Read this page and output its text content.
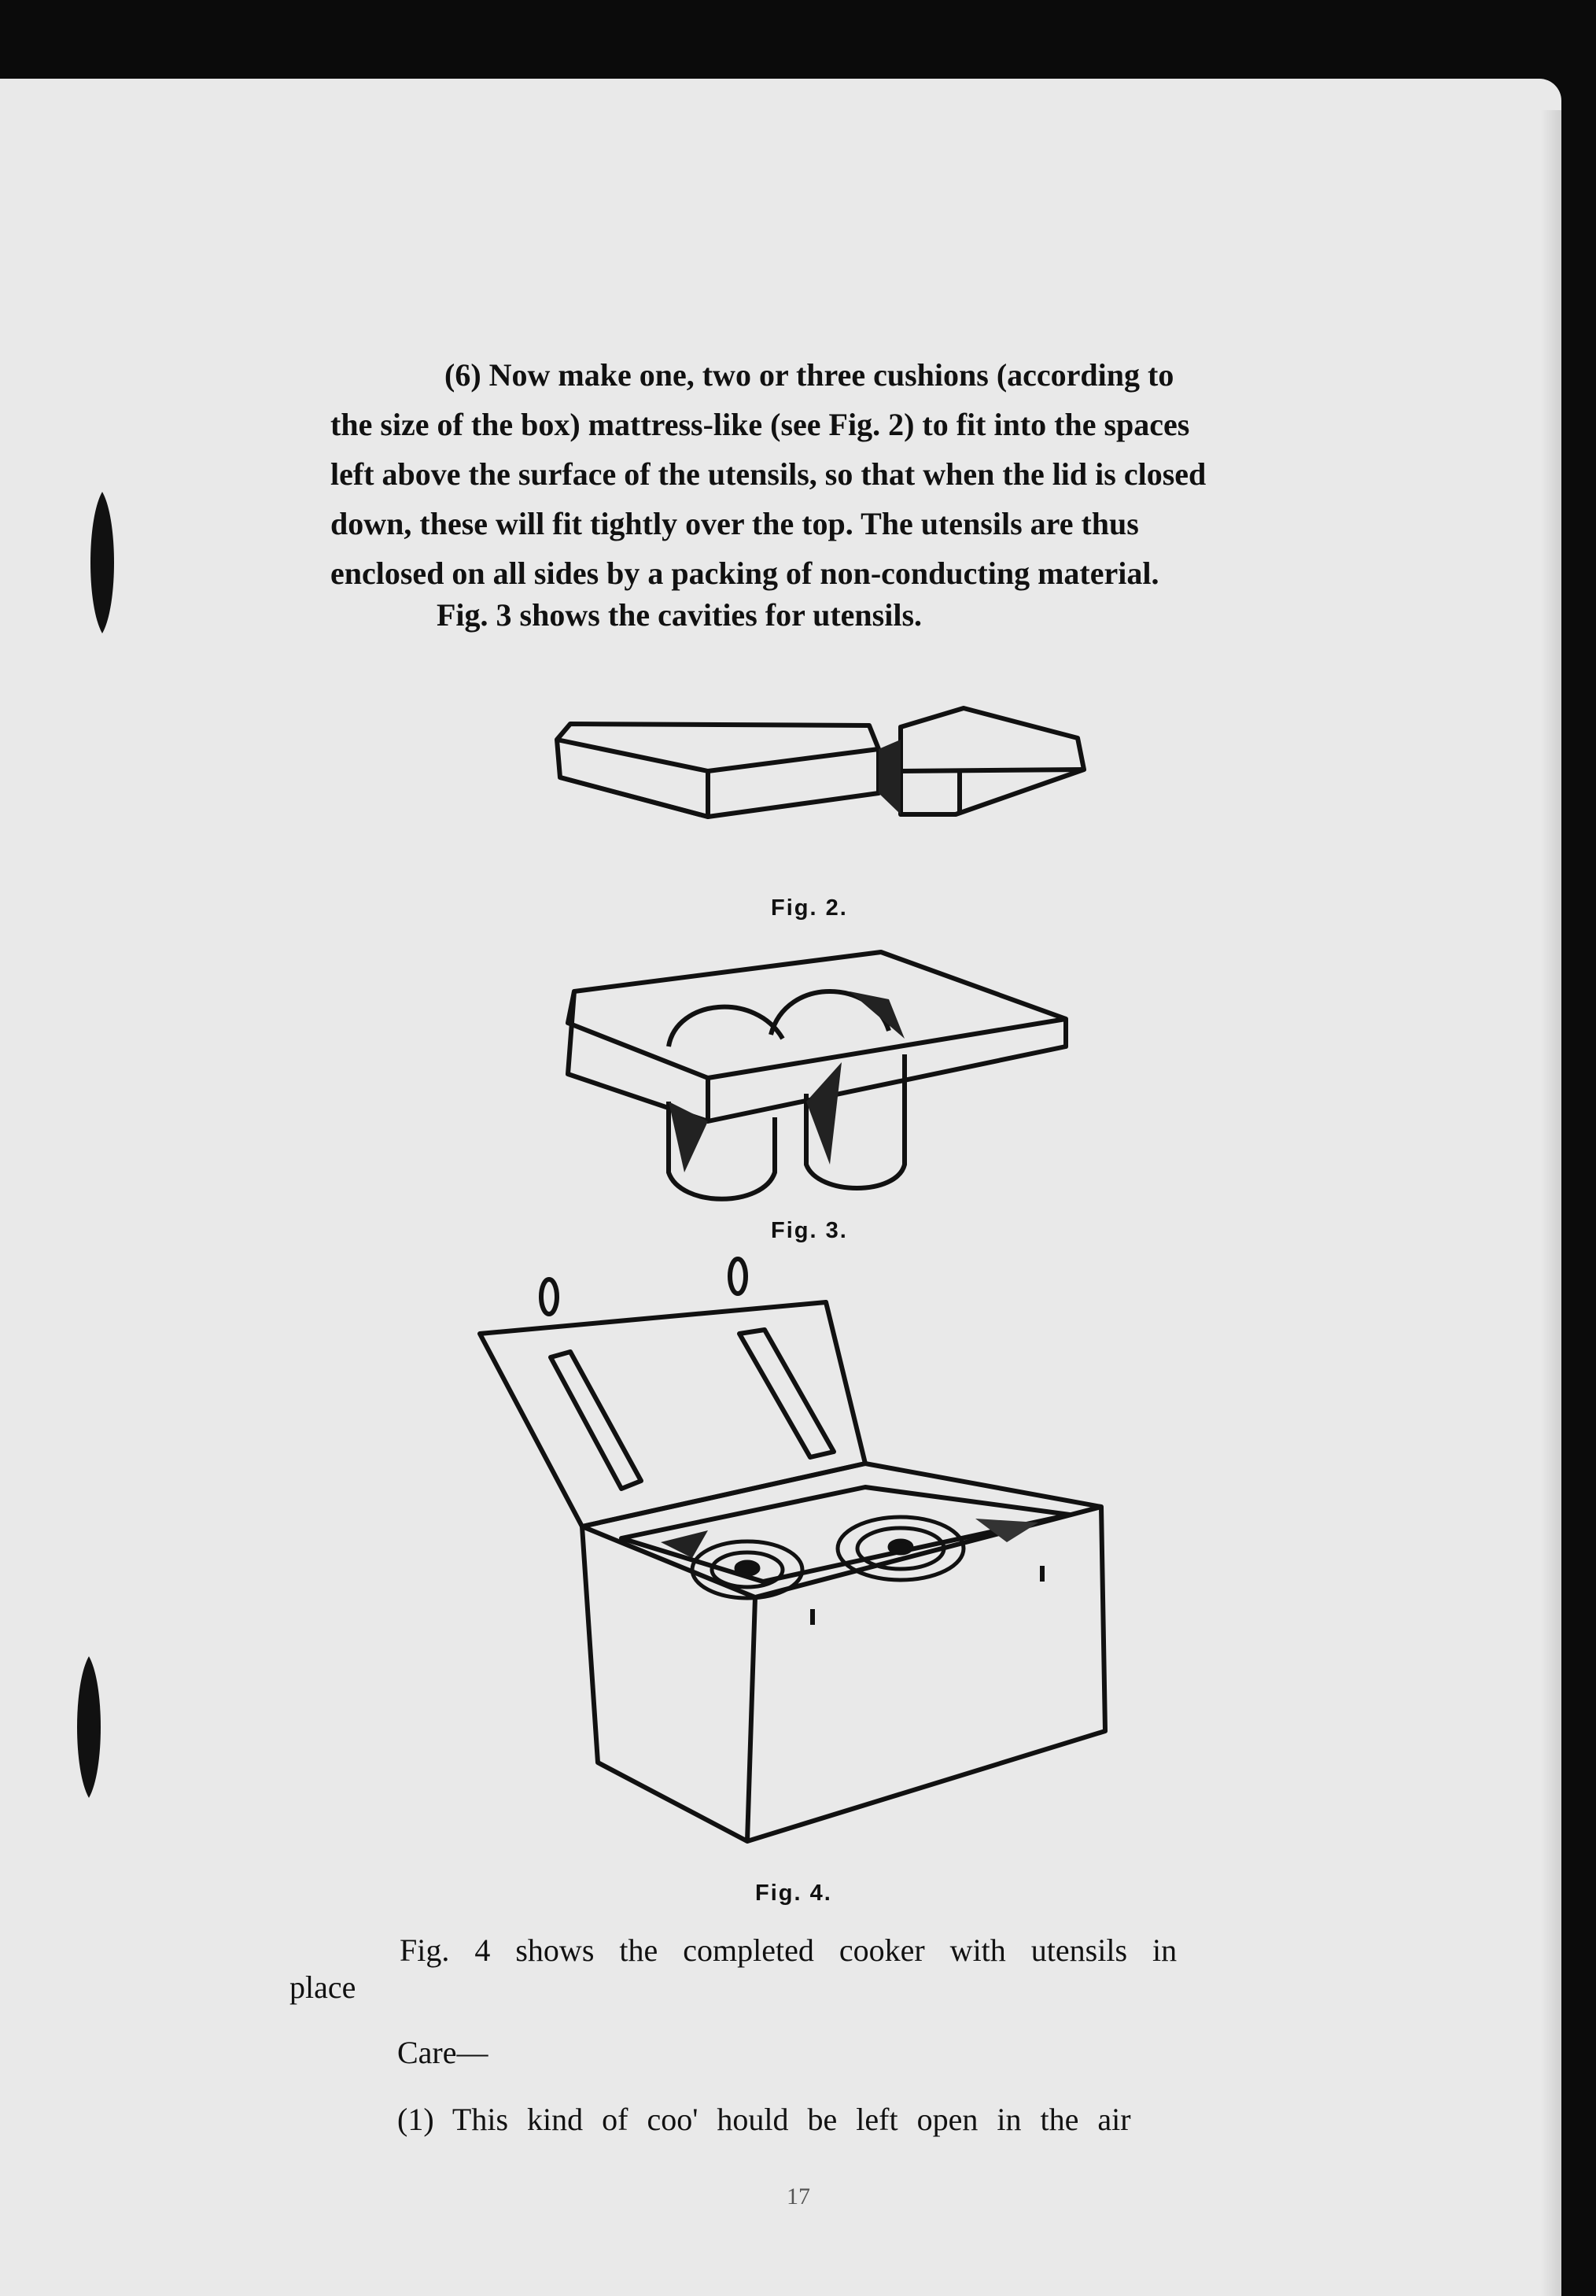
(6) Now make one, two or three cushions (according to
the size of the box) mattress-like (see Fig. 2) to fit into the spaces
left above the surface of the utensils, so that when the lid is closed
down, these will fit tightly over the top. The utensils are thus
enclosed on all sides by a packing of non-conducting material.
Fig. 3 shows the cavities for utensils.
Fig. 2.
Fig. 3.
Fig. 4.
Fig. 4 shows the completed cooker with utensils in
place
Care—
(1) This kind of coo' hould be left open in the air
17
